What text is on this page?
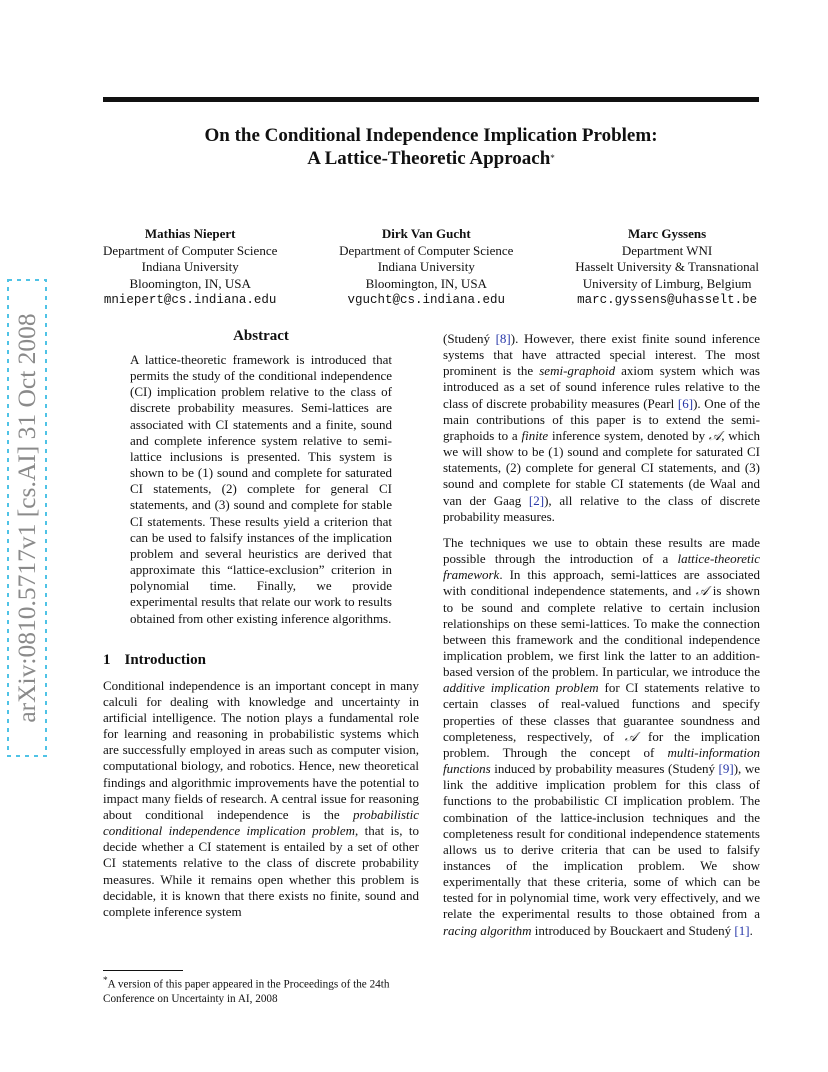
On the Conditional Independence Implication Problem:
A Lattice-Theoretic Approach*
Mathias Niepert
Department of Computer Science
Indiana University
Bloomington, IN, USA
mniepert@cs.indiana.edu
Dirk Van Gucht
Department of Computer Science
Indiana University
Bloomington, IN, USA
vgucht@cs.indiana.edu
Marc Gyssens
Department WNI
Hasselt University & Transnational
University of Limburg, Belgium
marc.gyssens@uhasselt.be
arXiv:0810.5717v1 [cs.AI] 31 Oct 2008	Abstract

A lattice-theoretic framework is introduced that permits the study of the conditional independence (CI) implication problem relative to the class of discrete probability measures. Semi-lattices are associated with CI statements and a finite, sound and complete inference system relative to semi-lattice inclusions is presented. This system is shown to be (1) sound and complete for saturated CI statements, (2) complete for general CI statements, and (3) sound and complete for stable CI statements. These results yield a criterion that can be used to falsify instances of the implication problem and several heuristics are derived that approximate this “lattice-exclusion” criterion in polynomial time. Finally, we provide experimental results that relate our work to results obtained from other existing inference algorithms.

1 Introduction

Conditional independence is an important concept in many calculi for dealing with knowledge and uncertainty in artificial intelligence. The notion plays a fundamental role for learning and reasoning in probabilistic systems which are successfully employed in areas such as computer vision, computational biology, and robotics. Hence, new theoretical findings and algorithmic improvements have the potential to impact many fields of research. A central issue for reasoning about conditional independence is the probabilistic conditional independence implication problem, that is, to decide whether a CI statement is entailed by a set of other CI statements relative to the class of discrete probability measures. While it remains open whether this problem is decidable, it is known that there exists no finite, sound and complete inference system

(Studený [8]). However, there exist finite sound inference systems that have attracted special interest. The most prominent is the semi-graphoid axiom system which was introduced as a set of sound inference rules relative to the class of discrete probability measures (Pearl [6]). One of the main contributions of this paper is to extend the semi-graphoids to a finite inference system, denoted by 𝒜, which we will show to be (1) sound and complete for saturated CI statements, (2) complete for general CI statements, and (3) sound and complete for stable CI statements (de Waal and van der Gaag [2]), all relative to the class of discrete probability measures.

The techniques we use to obtain these results are made possible through the introduction of a lattice-theoretic framework. In this approach, semi-lattices are associated with conditional independence statements, and 𝒜 is shown to be sound and complete relative to certain inclusion relationships on these semi-lattices. To make the connection between this framework and the conditional independence implication problem, we first link the latter to an addition-based version of the problem. In particular, we introduce the additive implication problem for CI statements relative to certain classes of real-valued functions and specify properties of these classes that guarantee soundness and completeness, respectively, of 𝒜 for the implication problem. Through the concept of multi-information functions induced by probability measures (Studený [9]), we link the additive implication problem for this class of functions to the probabilistic CI implication problem. The combination of the lattice-inclusion techniques and the completeness result for conditional independence statements allows us to derive criteria that can be used to falsify instances of the implication problem. We show experimentally that these criteria, some of which can be tested for in polynomial time, work very effectively, and we relate the experimental results to those obtained from a racing algorithm introduced by Bouckaert and Studený [1].

*A version of this paper appeared in the Proceedings of the 24th Conference on Uncertainty in AI, 2008
